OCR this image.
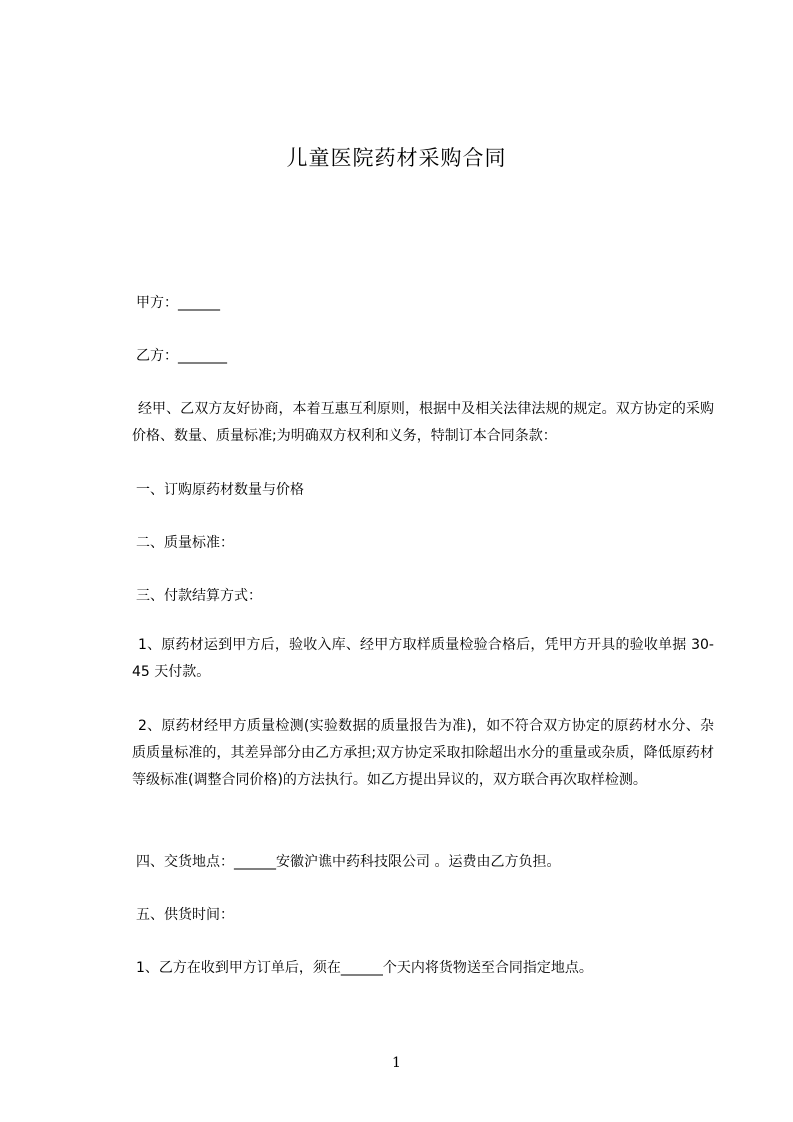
儿童医院药材采购合同

甲方：______

乙方：_______

经甲、乙双方友好协商，本着互惠互利原则，根据中及相关法律法规的规定。双方协定的采购价格、数量、质量标准;为明确双方权利和义务，特制订本合同条款：

一、订购原药材数量与价格

二、质量标准：

三、付款结算方式：

1、原药材运到甲方后，验收入库、经甲方取样质量检验合格后，凭甲方开具的验收单据 30-45 天付款。

2、原药材经甲方质量检测(实验数据的质量报告为准)，如不符合双方协定的原药材水分、杂质质量标准的，其差异部分由乙方承担;双方协定采取扣除超出水分的重量或杂质，降低原药材等级标准(调整合同价格)的方法执行。如乙方提出异议的，双方联合再次取样检测。

四、交货地点：______安徽沪谯中药科技限公司 。运费由乙方负担。

五、供货时间：

1、乙方在收到甲方订单后，须在______个天内将货物送至合同指定地点。

1
